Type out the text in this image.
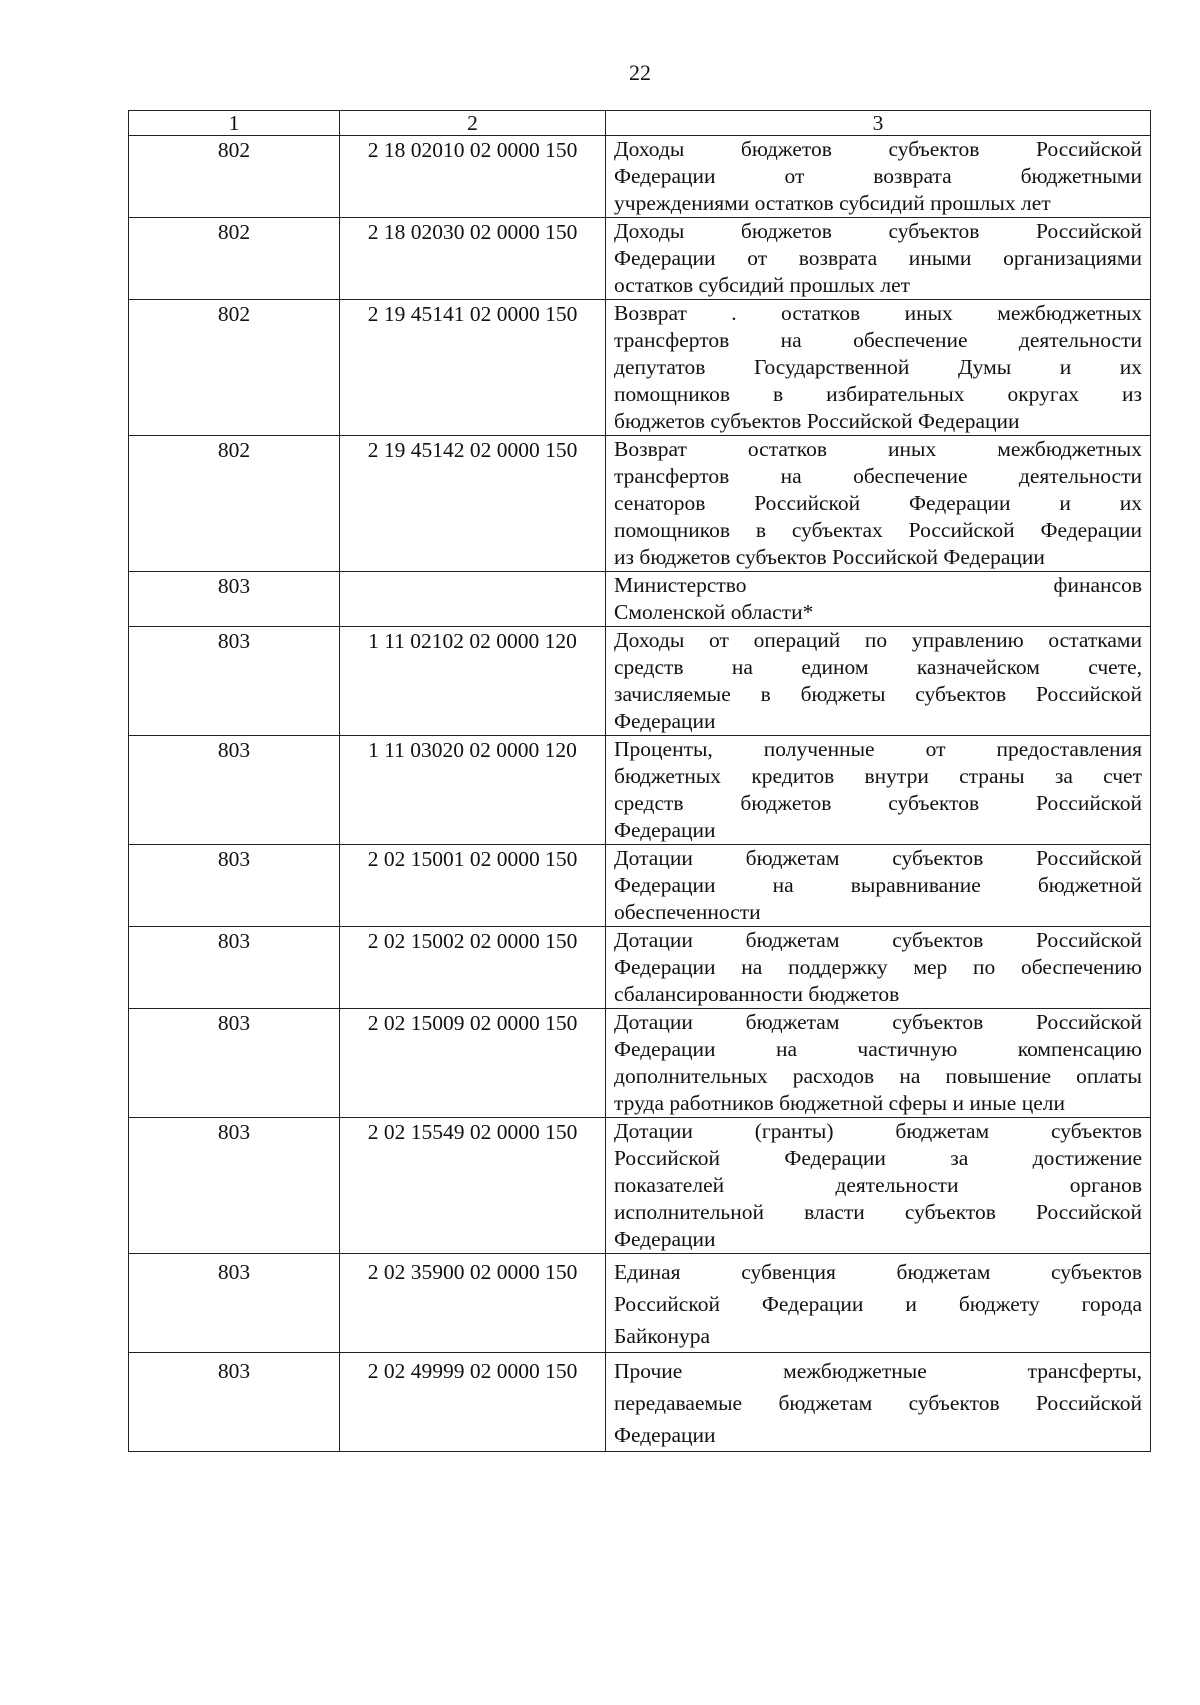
22
1	2	3
802	2 18 02010 02 0000 150	Доходы бюджетов субъектов Российской
Федерации от возврата бюджетными
учреждениями остатков субсидий прошлых лет

802	2 18 02030 02 0000 150	Доходы бюджетов субъектов Российской
Федерации от возврата иными организациями
остатков субсидий прошлых лет

802	2 19 45141 02 0000 150	Возврат . остатков иных межбюджетных
трансфертов на обеспечение деятельности
депутатов Государственной Думы и их
помощников в избирательных округах из
бюджетов субъектов Российской Федерации

802	2 19 45142 02 0000 150	Возврат остатков иных межбюджетных
трансфертов на обеспечение деятельности
сенаторов Российской Федерации и их
помощников в субъектах Российской Федерации
из бюджетов субъектов Российской Федерации

803		Министерство финансов
Смоленской области*

803	1 11 02102 02 0000 120	Доходы от операций по управлению остатками
средств на едином казначейском счете,
зачисляемые в бюджеты субъектов Российской
Федерации

803	1 11 03020 02 0000 120	Проценты, полученные от предоставления
бюджетных кредитов внутри страны за счет
средств бюджетов субъектов Российской
Федерации

803	2 02 15001 02 0000 150	Дотации бюджетам субъектов Российской
Федерации на выравнивание бюджетной
обеспеченности

803	2 02 15002 02 0000 150	Дотации бюджетам субъектов Российской
Федерации на поддержку мер по обеспечению
сбалансированности бюджетов

803	2 02 15009 02 0000 150	Дотации бюджетам субъектов Российской
Федерации на частичную компенсацию
дополнительных расходов на повышение оплаты
труда работников бюджетной сферы и иные цели

803	2 02 15549 02 0000 150	Дотации (гранты) бюджетам субъектов
Российской Федерации за достижение
показателей деятельности органов
исполнительной власти субъектов Российской
Федерации

803	2 02 35900 02 0000 150	Единая субвенция бюджетам субъектов
Российской Федерации и бюджету города
Байконура

803	2 02 49999 02 0000 150	Прочие межбюджетные трансферты,
передаваемые бюджетам субъектов Российской
Федерации
